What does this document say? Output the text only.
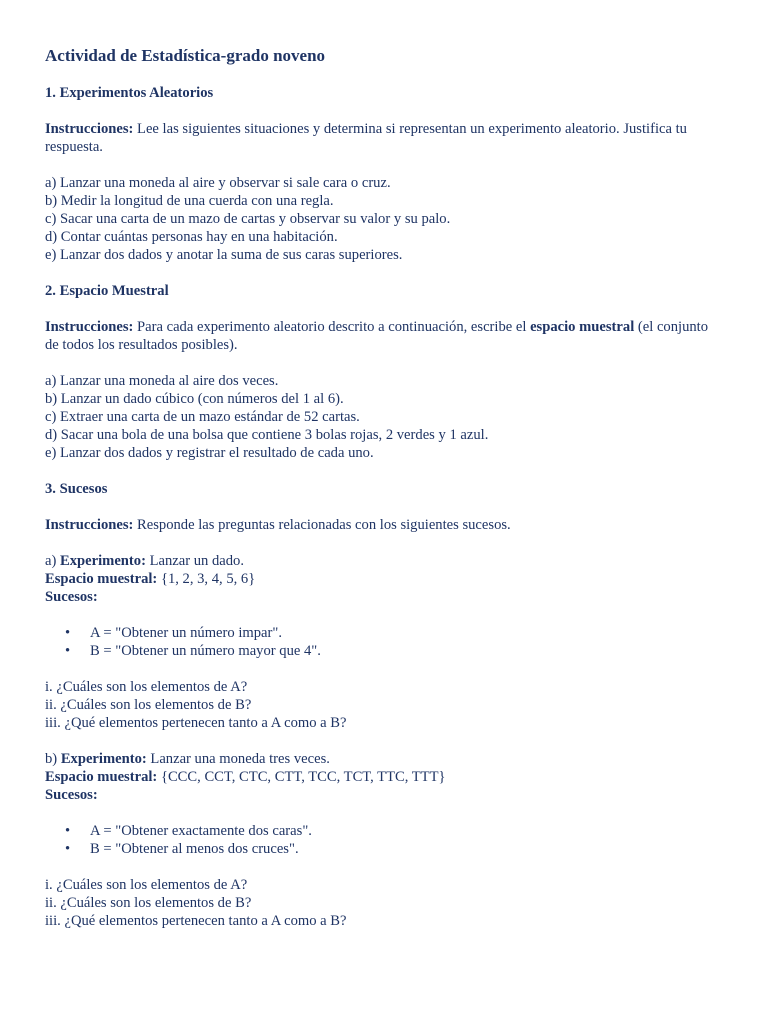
Actividad de Estadística-grado noveno

1. Experimentos Aleatorios

Instrucciones: Lee las siguientes situaciones y determina si representan un experimento aleatorio. Justifica tu respuesta.

a) Lanzar una moneda al aire y observar si sale cara o cruz.
b) Medir la longitud de una cuerda con una regla.
c) Sacar una carta de un mazo de cartas y observar su valor y su palo.
d) Contar cuántas personas hay en una habitación.
e) Lanzar dos dados y anotar la suma de sus caras superiores.

2. Espacio Muestral

Instrucciones: Para cada experimento aleatorio descrito a continuación, escribe el espacio muestral (el conjunto de todos los resultados posibles).

a) Lanzar una moneda al aire dos veces.
b) Lanzar un dado cúbico (con números del 1 al 6).
c) Extraer una carta de un mazo estándar de 52 cartas.
d) Sacar una bola de una bolsa que contiene 3 bolas rojas, 2 verdes y 1 azul.
e) Lanzar dos dados y registrar el resultado de cada uno.

3. Sucesos

Instrucciones: Responde las preguntas relacionadas con los siguientes sucesos.

a) Experimento: Lanzar un dado.

Espacio muestral: {1, 2, 3, 4, 5, 6}

Sucesos:

• A = "Obtener un número impar".
• B = "Obtener un número mayor que 4".
i. ¿Cuáles son los elementos de A?
ii. ¿Cuáles son los elementos de B?
iii. ¿Qué elementos pertenecen tanto a A como a B?

b) Experimento: Lanzar una moneda tres veces.

Espacio muestral: {CCC, CCT, CTC, CTT, TCC, TCT, TTC, TTT}

Sucesos:

• A = "Obtener exactamente dos caras".
• B = "Obtener al menos dos cruces".
i. ¿Cuáles son los elementos de A?
ii. ¿Cuáles son los elementos de B?
iii. ¿Qué elementos pertenecen tanto a A como a B?
